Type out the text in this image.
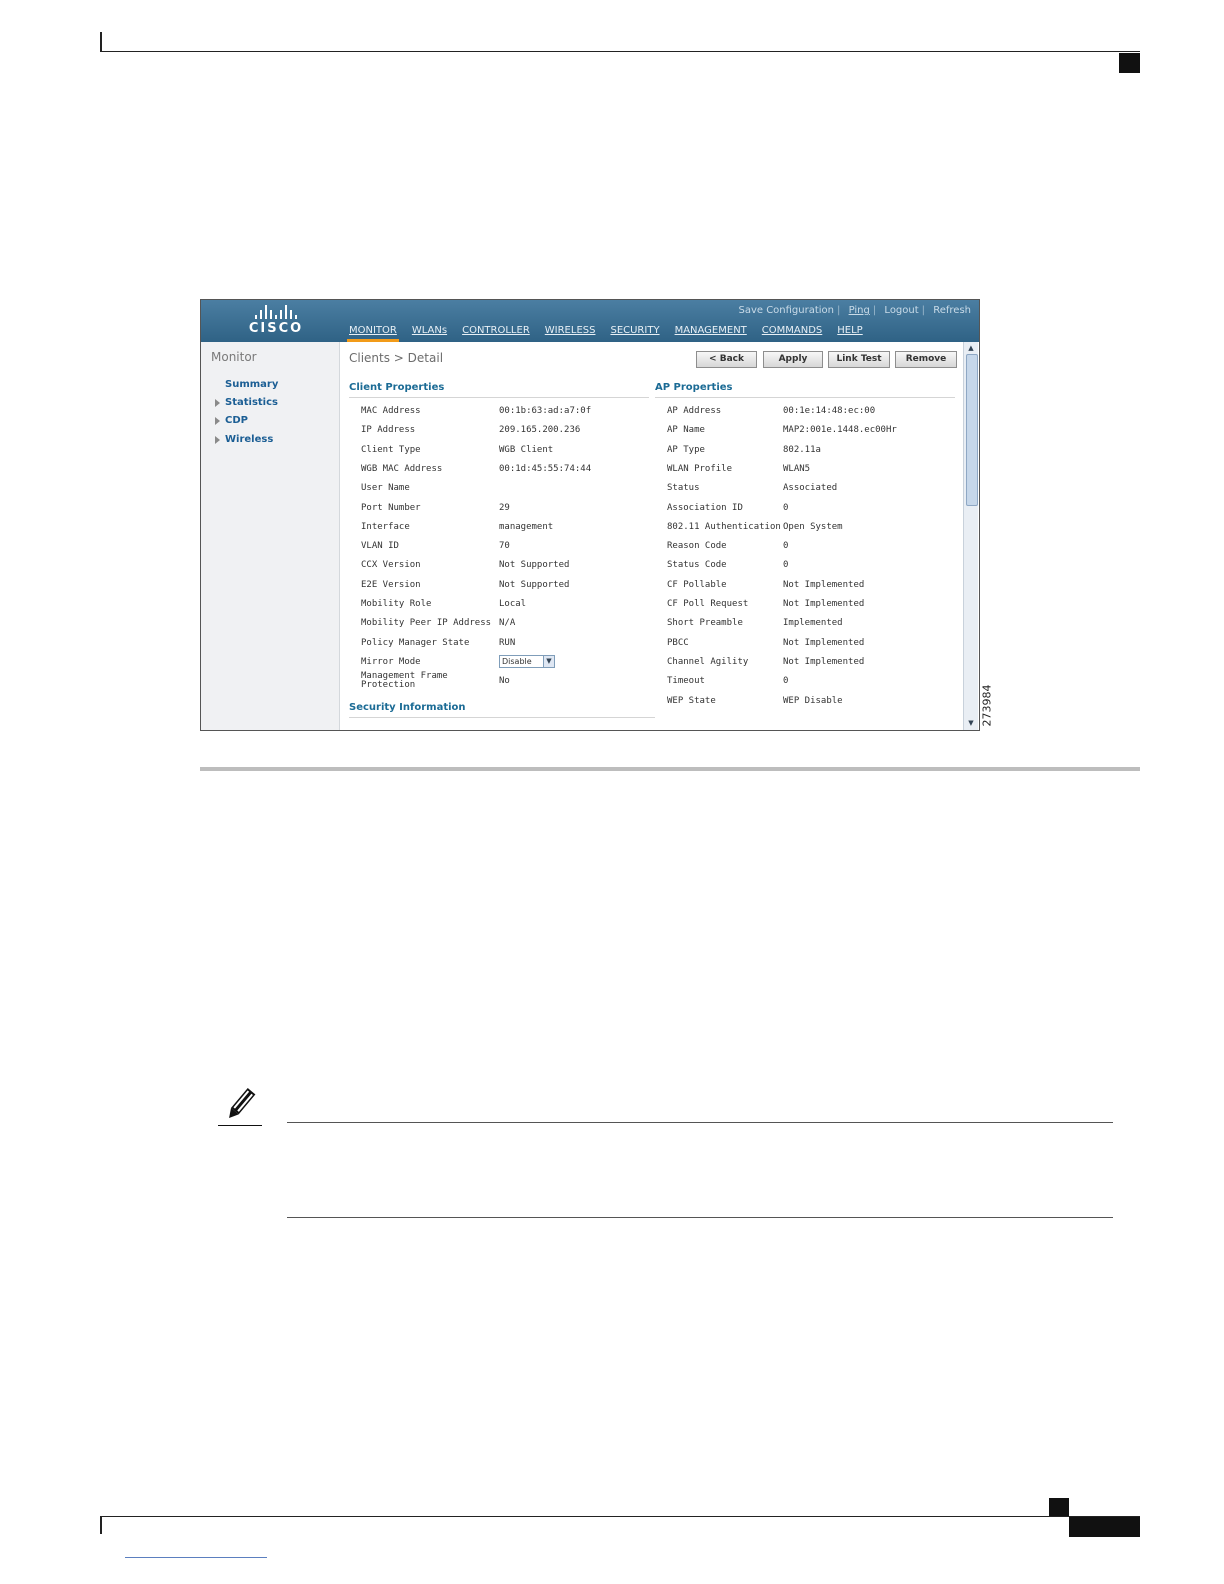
CISCO
Save Configuration | Ping | Logout | Refresh
MONITOR WLANs CONTROLLER WIRELESS SECURITY MANAGEMENT COMMANDS HELP
Monitor
Summary
Statistics
CDP
Wireless
Clients > Detail	< Back	Apply	Link Test	Remove
Client Properties	AP Properties
MAC Address	00:1b:63:ad:a7:0f
IP Address	209.165.200.236
Client Type	WGB Client
WGB MAC Address	00:1d:45:55:74:44
User Name
Port Number	29
Interface	management
VLAN ID	70
CCX Version	Not Supported
E2E Version	Not Supported
Mobility Role	Local
Mobility Peer IP Address N/A
Policy Manager State	RUN
Mirror Mode	Disable	▼
Management Frame Protection	No
AP Address	00:1e:14:48:ec:00
AP Name	MAP2:001e.1448.ec00Hr
AP Type	802.11a
WLAN Profile	WLAN5
Status	Associated
Association ID	0
802.11 Authentication Open System
Reason Code	0
Status Code	0
CF Pollable	Not Implemented
CF Poll Request	Not Implemented
Short Preamble	Implemented
PBCC	Not Implemented
Channel Agility	Not Implemented
Timeout	0
WEP State	WEP Disable
Security Information
▲
▼ 273984
